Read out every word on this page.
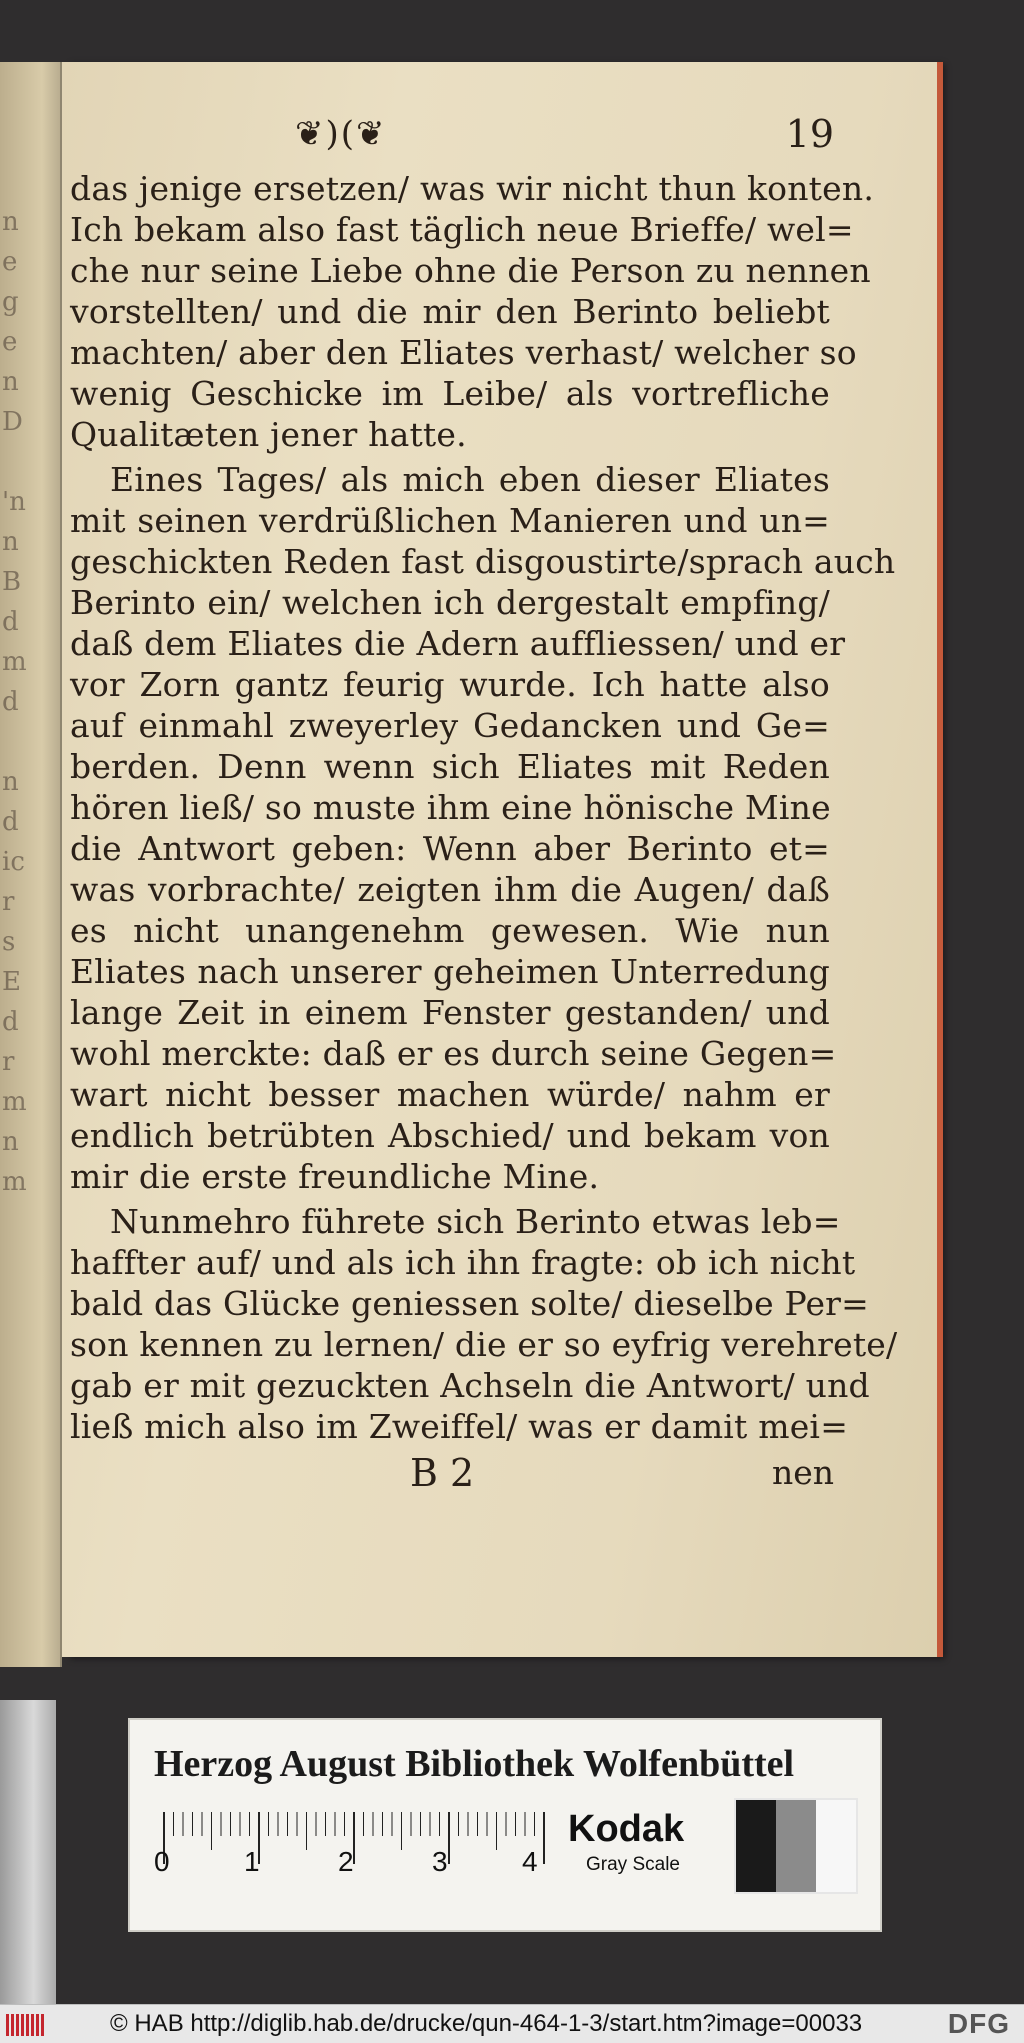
n
e
g
e
n
D

'n
n
B
d
m
d

n
d
ic
r
s
E
d
r
m
n
m
❦)(❦	19
das jenige ersetzen/ was wir nicht thun konten.
Ich bekam also fast täglich neue Brieffe/ wel=
che nur seine Liebe ohne die Person zu nennen
vorstellten/ und die mir den Berinto beliebt
machten/ aber den Eliates verhast/ welcher so
wenig Geschicke im Leibe/ als vortrefliche
Qualitæten jener hatte.
Eines Tages/ als mich eben dieser Eliates
mit seinen verdrüßlichen Manieren und un=
geschickten Reden fast disgoustirte/sprach auch
Berinto ein/ welchen ich dergestalt empfing/
daß dem Eliates die Adern auffliessen/ und er
vor Zorn gantz feurig wurde. Ich hatte also
auf einmahl zweyerley Gedancken und Ge=
berden. Denn wenn sich Eliates mit Reden
hören ließ/ so muste ihm eine hönische Mine
die Antwort geben: Wenn aber Berinto et=
was vorbrachte/ zeigten ihm die Augen/ daß
es nicht unangenehm gewesen. Wie nun
Eliates nach unserer geheimen Unterredung
lange Zeit in einem Fenster gestanden/ und
wohl merckte: daß er es durch seine Gegen=
wart nicht besser machen würde/ nahm er
endlich betrübten Abschied/ und bekam von
mir die erste freundliche Mine.
Nunmehro führete sich Berinto etwas leb=
haffter auf/ und als ich ihn fragte: ob ich nicht
bald das Glücke geniessen solte/ dieselbe Per=
son kennen zu lernen/ die er so eyfrig verehrete/
gab er mit gezuckten Achseln die Antwort/ und
ließ mich also im Zweiffel/ was er damit mei=
B 2	nen
Herzog August Bibliothek Wolfenbüttel
0	1	2	3	4
Kodak
Gray Scale
© HAB http://diglib.hab.de/drucke/qun-464-1-3/start.htm?image=00033	DFG
